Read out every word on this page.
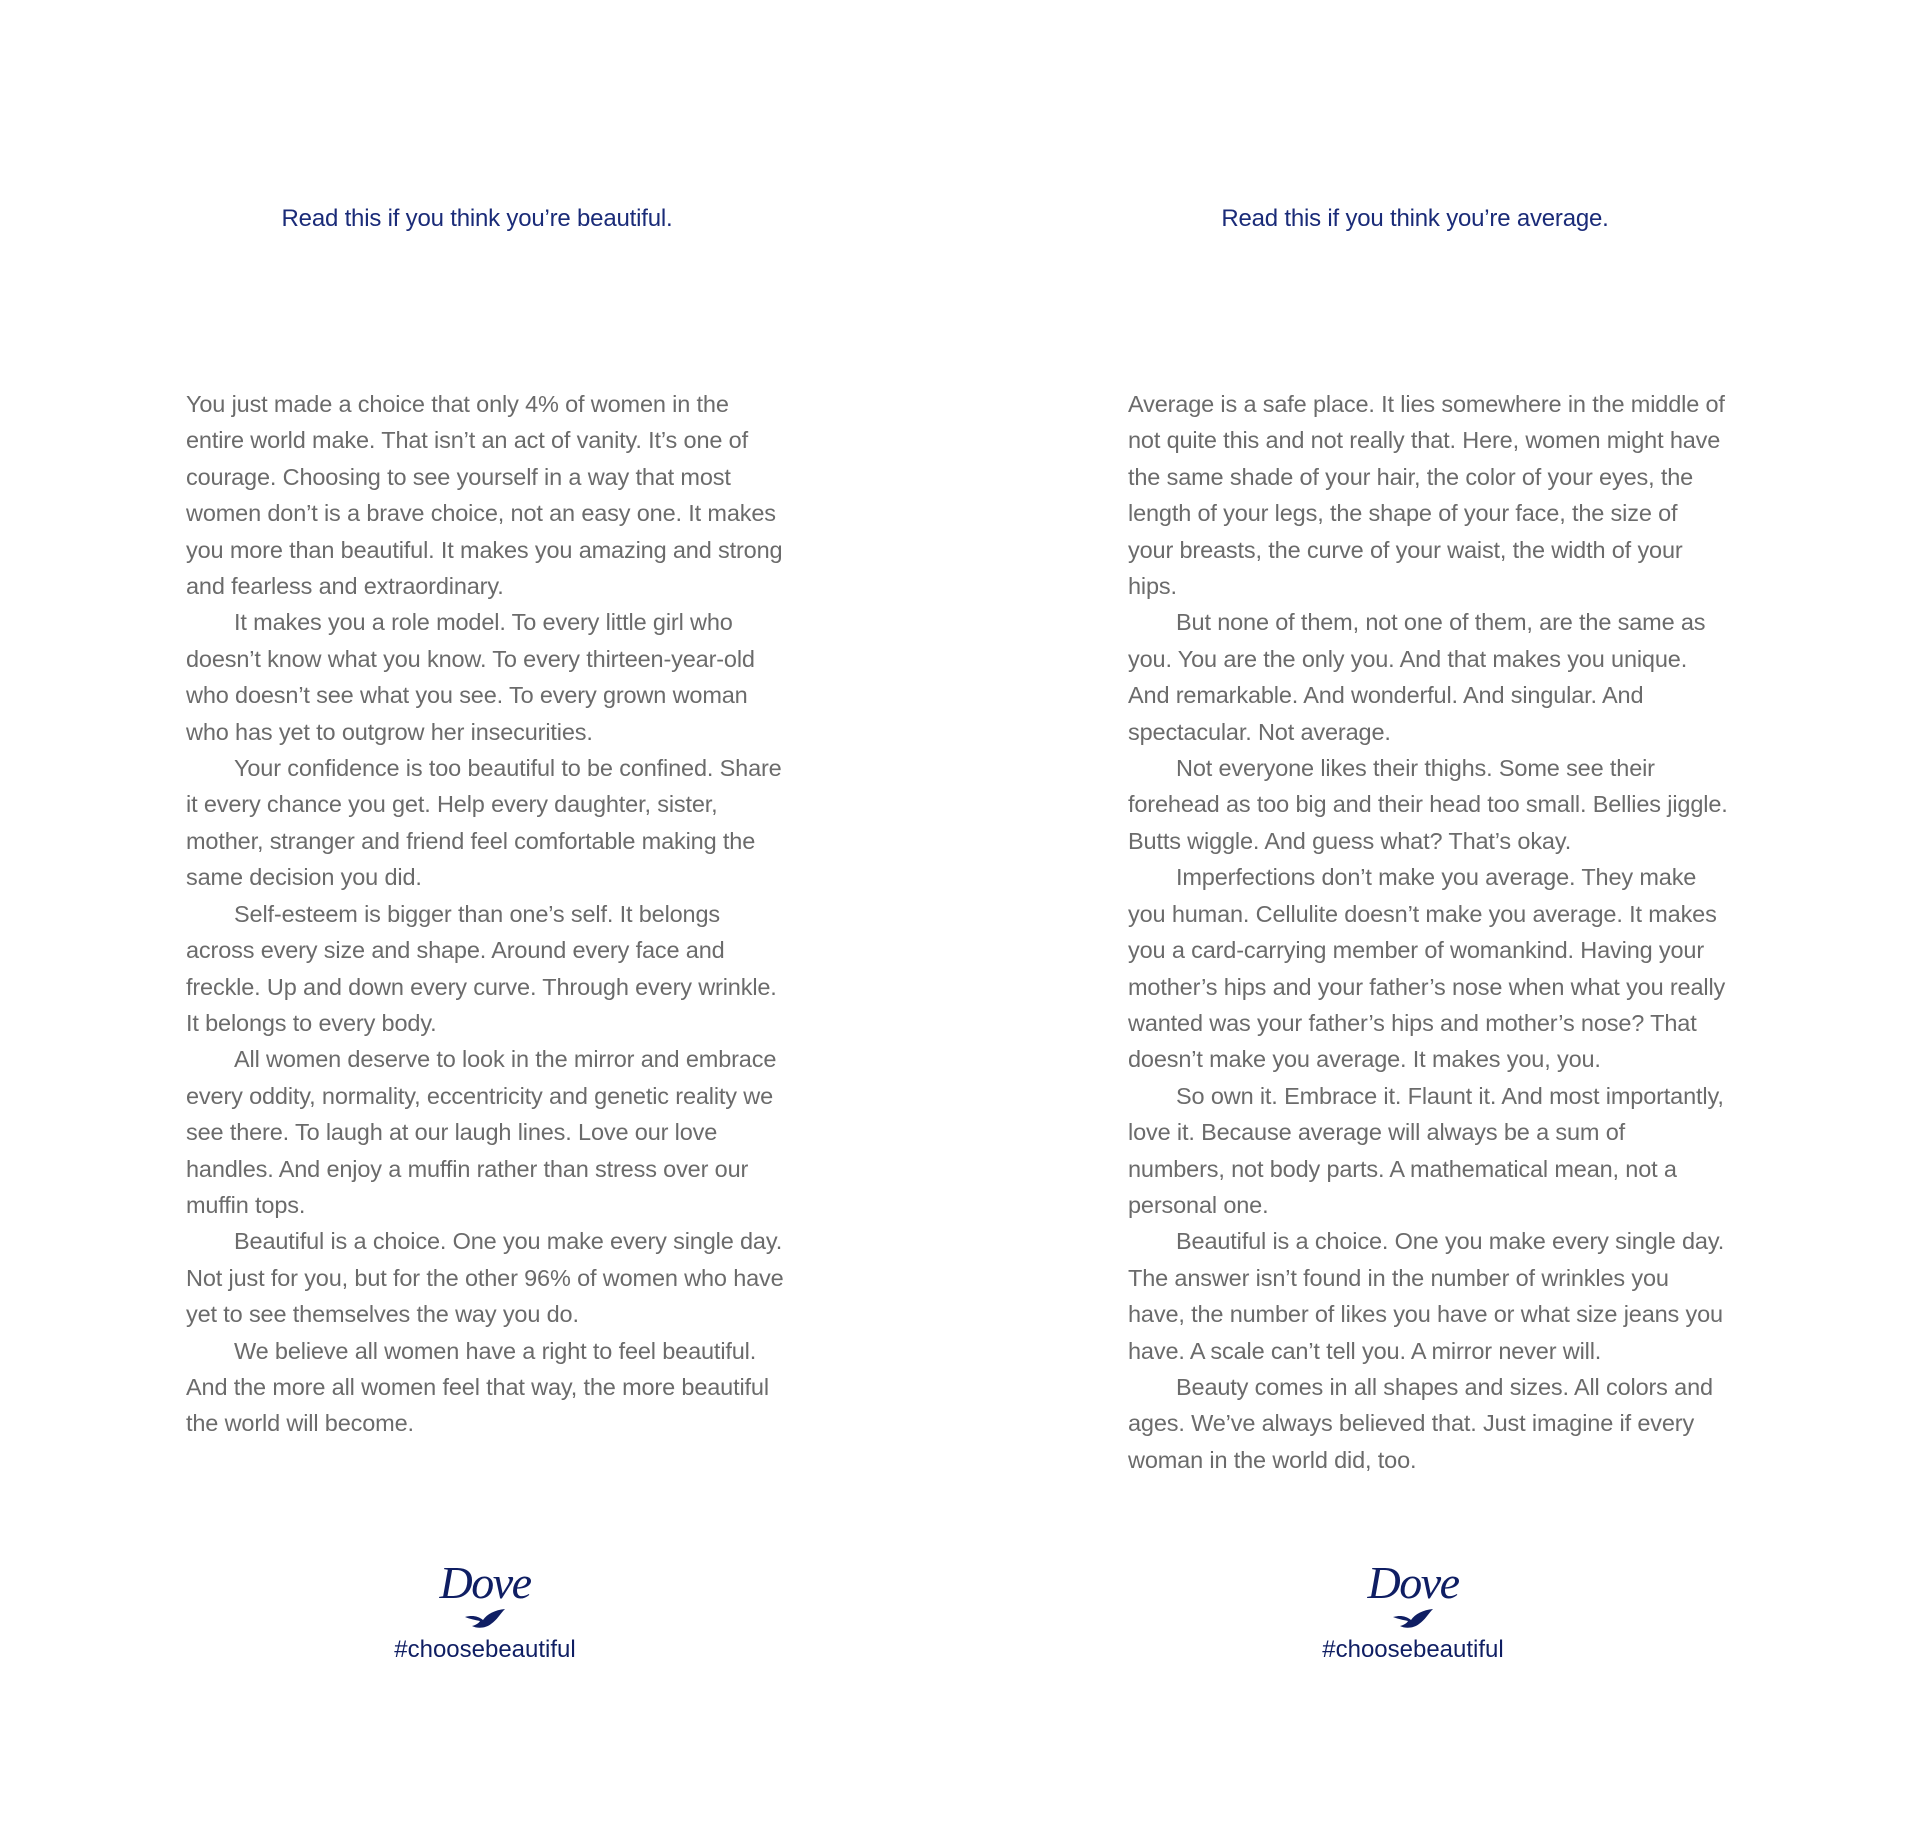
Read this if you think you’re beautiful.

You just made a choice that only 4% of women in the entire world make. That isn’t an act of vanity. It’s one of courage. Choosing to see yourself in a way that most women don’t is a brave choice, not an easy one. It makes you more than beautiful. It makes you amazing and strong and fearless and extraordinary.

It makes you a role model. To every little girl who doesn’t know what you know. To every thirteen-year-old who doesn’t see what you see. To every grown woman who has yet to outgrow her insecurities.

Your confidence is too beautiful to be confined. Share it every chance you get. Help every daughter, sister, mother, stranger and friend feel comfortable making the same decision you did.

Self-esteem is bigger than one’s self. It belongs across every size and shape. Around every face and freckle. Up and down every curve. Through every wrinkle. It belongs to every body.

All women deserve to look in the mirror and embrace every oddity, normality, eccentricity and genetic reality we see there. To laugh at our laugh lines. Love our love handles. And enjoy a muffin rather than stress over our muffin tops.

Beautiful is a choice. One you make every single day. Not just for you, but for the other 96% of women who have yet to see themselves the way you do.

We believe all women have a right to feel beautiful. And the more all women feel that way, the more beautiful the world will become.

Dove
#choosebeautiful
Read this if you think you’re average.

Average is a safe place. It lies somewhere in the middle of not quite this and not really that. Here, women might have the same shade of your hair, the color of your eyes, the length of your legs, the shape of your face, the size of your breasts, the curve of your waist, the width of your hips.

But none of them, not one of them, are the same as you. You are the only you. And that makes you unique. And remarkable. And wonderful. And singular. And spectacular. Not average.

Not everyone likes their thighs. Some see their forehead as too big and their head too small. Bellies jiggle. Butts wiggle. And guess what? That’s okay.

Imperfections don’t make you average. They make you human. Cellulite doesn’t make you average. It makes you a card-carrying member of womankind. Having your mother’s hips and your father’s nose when what you really wanted was your father’s hips and mother’s nose? That doesn’t make you average. It makes you, you.

So own it. Embrace it. Flaunt it. And most importantly, love it. Because average will always be a sum of numbers, not body parts. A mathematical mean, not a personal one.

Beautiful is a choice. One you make every single day. The answer isn’t found in the number of wrinkles you have, the number of likes you have or what size jeans you have. A scale can’t tell you. A mirror never will.

Beauty comes in all shapes and sizes. All colors and ages. We’ve always believed that. Just imagine if every woman in the world did, too.

Dove
#choosebeautiful
